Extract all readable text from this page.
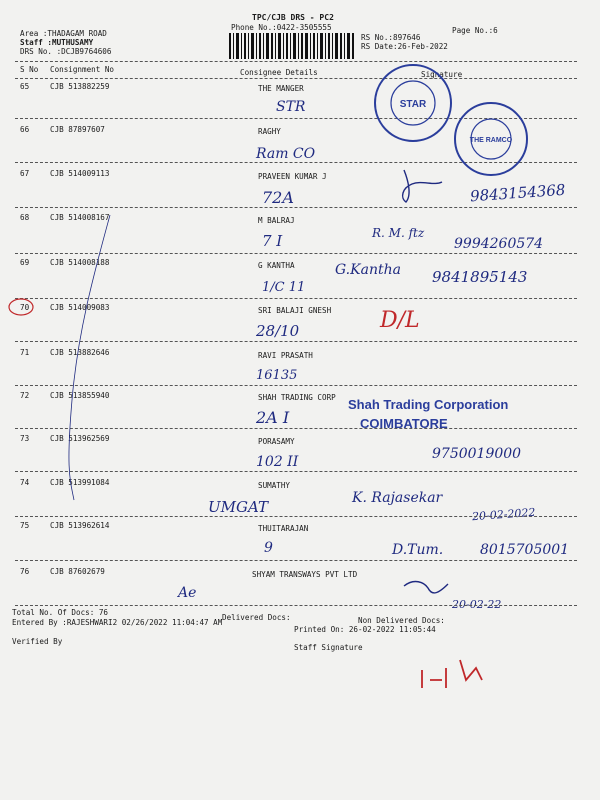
TPC/CJB DRS - PC2
Phone No.:0422-3505555	Page No.:6
Area :THADAGAM ROAD
Staff :MUTHUSAMY
DRS No. :DCJB9764606
RS No.:897646
RS Date:26-Feb-2022
S No Consignment No	Consignee Details	Signature
65	CJB 513882259	THE MANGER
STR
66	CJB 87897607	RAGHY
Ram CO
67	CJB 514009113	PRAVEEN KUMAR J
72A	9843154368
68	CJB 514008167	M BALRAJ
7 I	R. M. ftz
9994260574
69	CJB 514008188	G KANTHA
1/C 11
G.Kantha 9841895143
70	CJB 514009083	SRI BALAJI GNESH
28/10	D/L
71	CJB 513882646	RAVI PRASATH
16135
72	CJB 513855940	SHAH TRADING CORP
2A I
73	CJB 513962569	PORASAMY
102 II	9750019000
74	CJB 513991084	SUMATHY
UMGAT	K. Rajasekar
20-02-2022
75	CJB 513962614	THUITARAJAN
9	D.Tum.	8015705001
76	CJB 87602679	SHYAM TRANSWAYS PVT LTD
Ae
20-02-22
Total No. Of Docs: 76
Delivered Docs:	Non Delivered Docs:
Entered By :RAJESHWARI2 02/26/2022 11:04:47 AM
Printed On: 26-02-2022 11:05:44
Verified By
Staff Signature
STAR
THE RAMCO
Shah Trading Corporation
COIMBATORE
